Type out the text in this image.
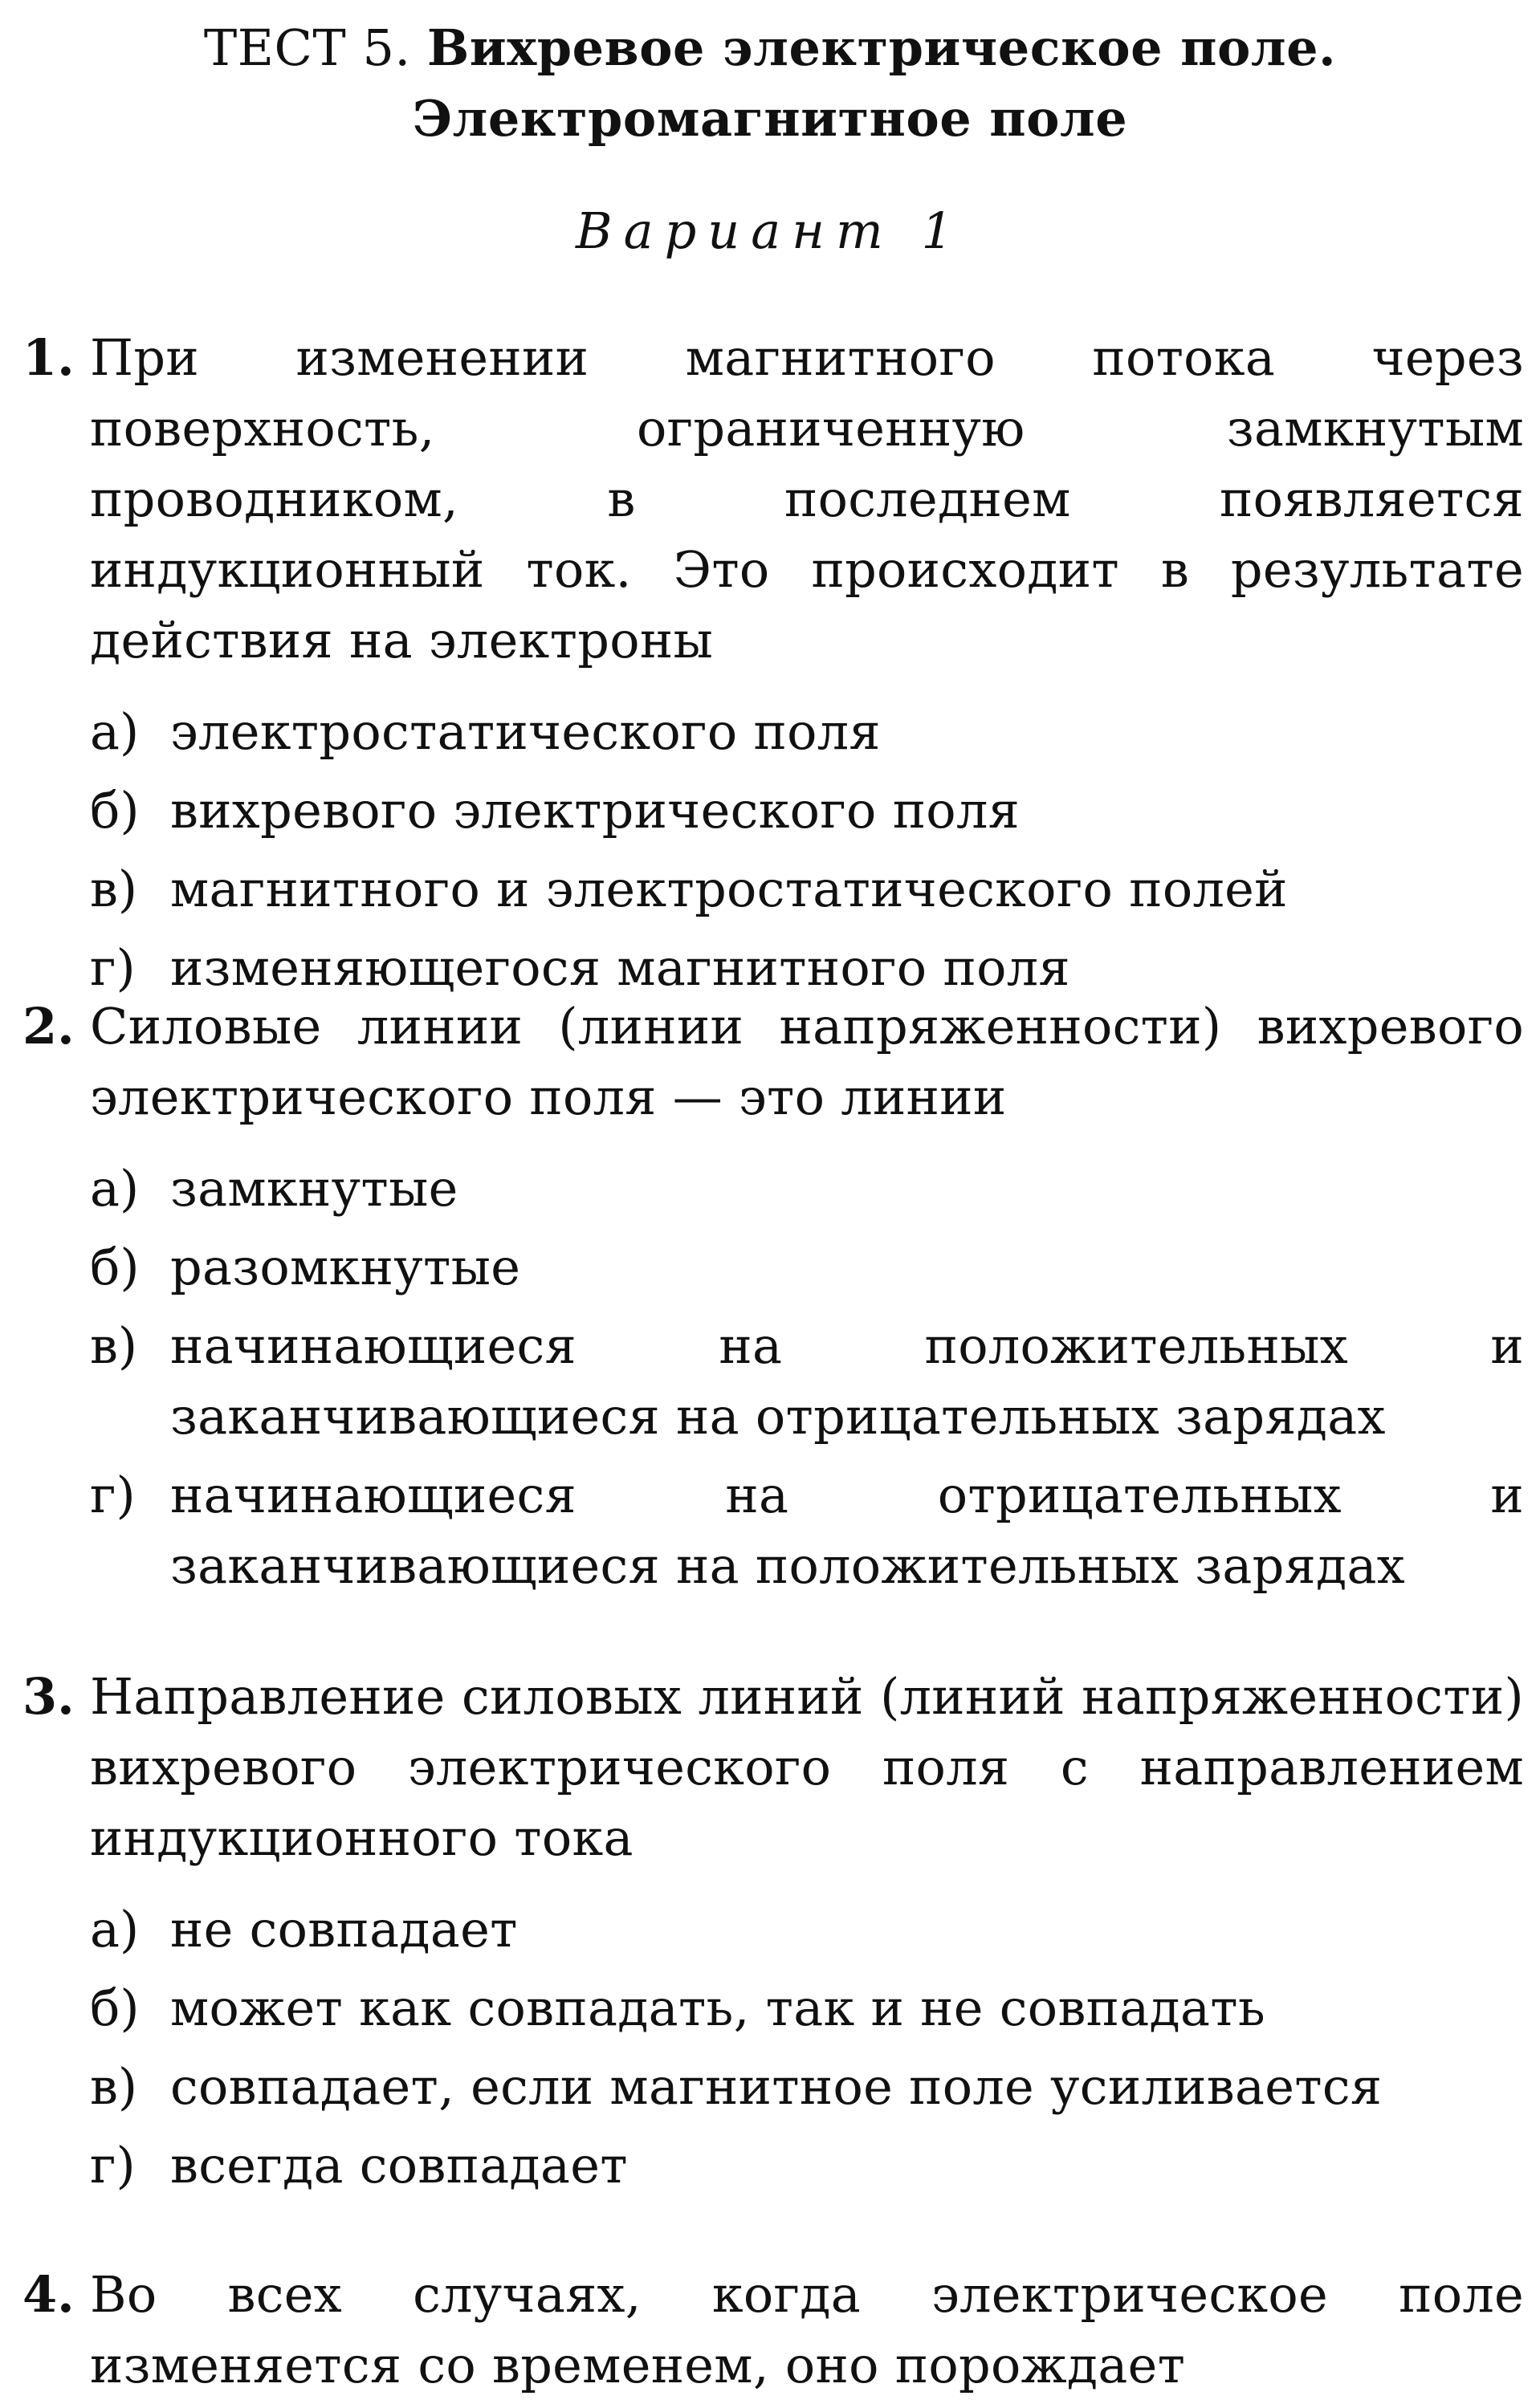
ТЕСТ 5. Вихревое электрическое поле.
Электромагнитное поле
Вариант 1
1. При изменении магнитного потока через поверхность, ограниченную замкнутым проводником, в последнем появляется индукционный ток. Это происходит в результате действия на электроны
а) электростатического поля
б) вихревого электрического поля
в) магнитного и электростатического полей
г) изменяющегося магнитного поля
2. Силовые линии (линии напряженности) вихревого электрического поля — это линии
а) замкнутые
б) разомкнутые
в) начинающиеся на положительных и заканчивающиеся на отрицательных зарядах
г) начинающиеся на отрицательных и заканчивающиеся на положительных зарядах
3. Направление силовых линий (линий напряженности) вихревого электрического поля с направлением индукционного тока
а) не совпадает
б) может как совпадать, так и не совпадать
в) совпадает, если магнитное поле усиливается
г) всегда совпадает
4. Во всех случаях, когда электрическое поле изменяется со временем, оно порождает
